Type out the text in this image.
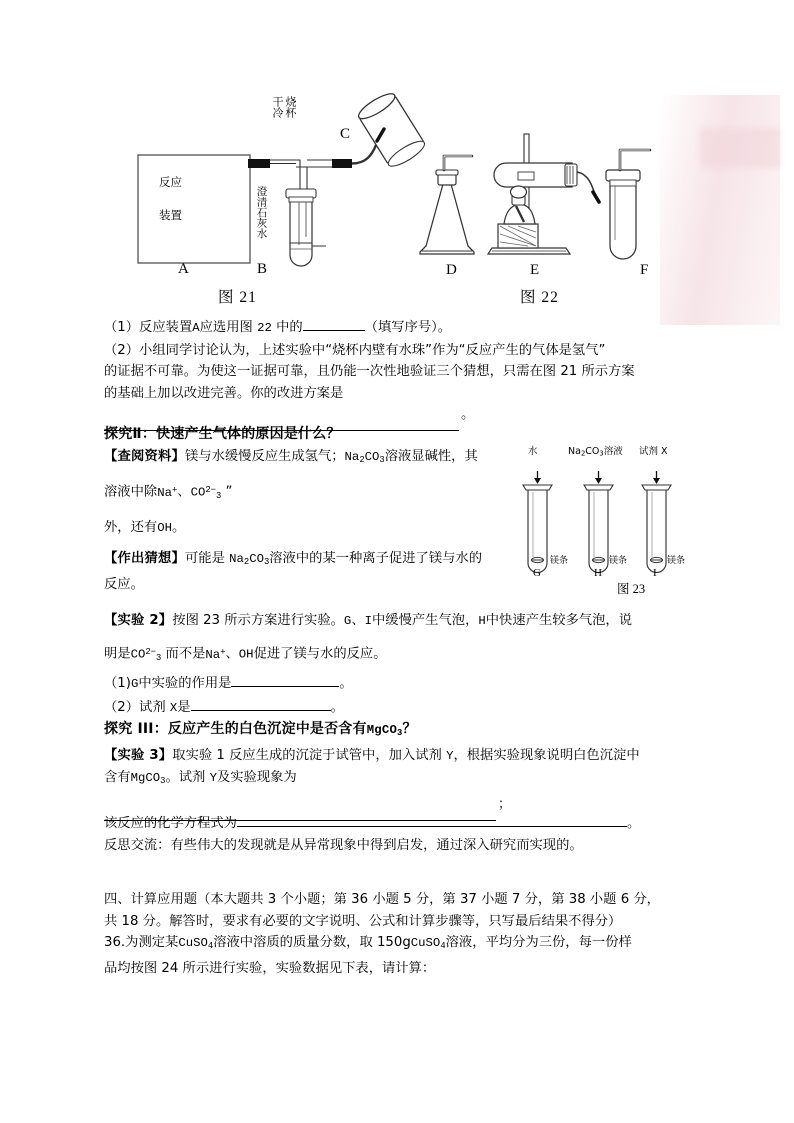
干冷 烧杯
反应
装置	澄清石灰水
A	B
C
图 21
D	E	F
图 22
水	$Na_2CO_3$溶液 试剂 X
镁条	镁条	镁条
G	H	I
图 23

（1）反应装置A应选用图 22 中的	（填写序号）。

（2）小组同学讨论认为，上述实验中“烧杯内壁有水珠”作为“反应产生的气体是氢气”

的证据不可靠。为使这一证据可靠，且仍能一次性地验证三个猜想，只需在图 21 所示方案

的基础上加以改进完善。你的改进方案是

。

探究Ⅱ：快速产生气体的原因是什么？

【查阅资料】镁与水缓慢反应生成氢气；$Na_2CO_3$溶液显碱性，其

溶液中除Na+、$CO^{2-}_3$ ”

外，还有OH。

【作出猜想】可能是 $Na_2CO_3$溶液中的某一种离子促进了镁与水的

反应。

【实验 2】按图 23 所示方案进行实验。G、I中缓慢产生气泡，H中快速产生较多气泡，说

明是$CO^{2-}_3$ 而不是Na+、OH促进了镁与水的反应。

（1)G中实验的作用是	。

（2）试剂 X是	。

探究 III：反应产生的白色沉淀中是否含有MgCO$_3$？

【实验 3】取实验 1 反应生成的沉淀于试管中，加入试剂 Y，根据实验现象说明白色沉淀中

含有MgCO$_3$。试剂 Y及实验现象为

；

该反应的化学方程式为	。

反思交流：有些伟大的发现就是从异常现象中得到启发，通过深入研究而实现的。

四、计算应用题（本大题共 3 个小题；第 36 小题 5 分，第 37 小题 7 分，第 38 小题 6 分，

共 18 分。解答时，要求有必要的文字说明、公式和计算步骤等，只写最后结果不得分）

36.为测定某CuSO$_4$溶液中溶质的质量分数，取 150gCuSO$_4$溶液，平均分为三份，每一份样

品均按图 24 所示进行实验，实验数据见下表，请计算：
